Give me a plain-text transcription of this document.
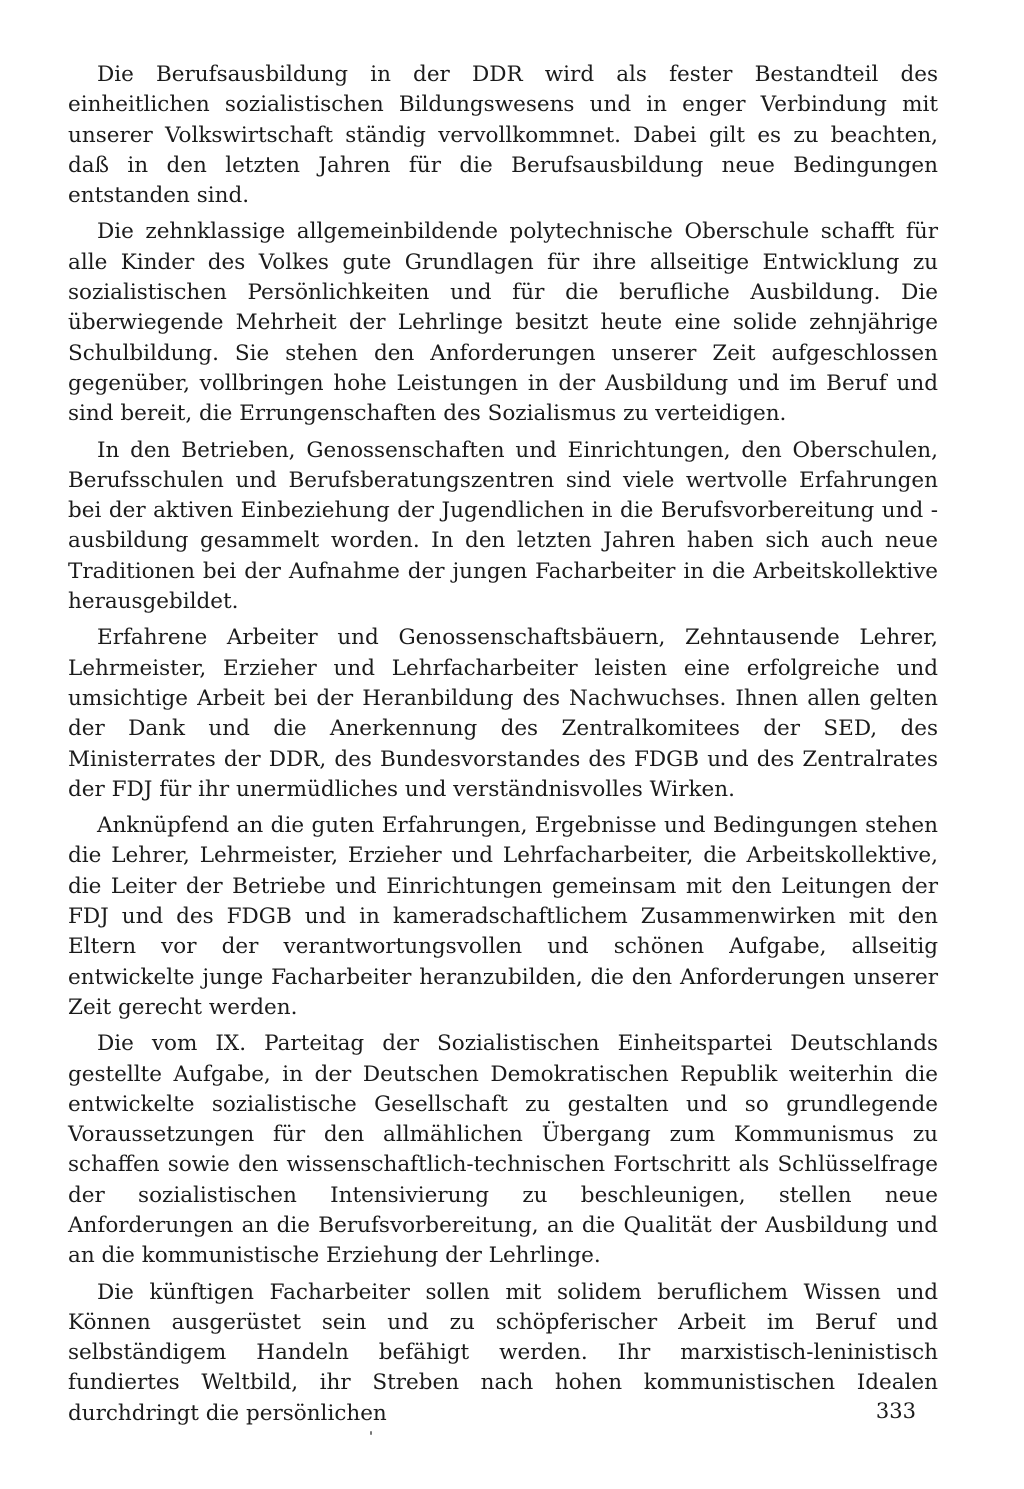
Die Berufsausbildung in der DDR wird als fester Bestandteil des einheitlichen sozialistischen Bildungswesens und in enger Verbindung mit unserer Volkswirtschaft ständig vervollkommnet. Dabei gilt es zu beachten, daß in den letzten Jahren für die Berufsausbildung neue Bedingungen entstanden sind.

Die zehnklassige allgemeinbildende polytechnische Oberschule schafft für alle Kinder des Volkes gute Grundlagen für ihre allseitige Entwicklung zu sozialistischen Persönlichkeiten und für die berufliche Ausbildung. Die überwiegende Mehrheit der Lehrlinge besitzt heute eine solide zehnjährige Schulbildung. Sie stehen den Anforderungen unserer Zeit aufgeschlossen gegenüber, vollbringen hohe Leistungen in der Ausbildung und im Beruf und sind bereit, die Errungenschaften des Sozialismus zu verteidigen.

In den Betrieben, Genossenschaften und Einrichtungen, den Oberschulen, Berufsschulen und Berufsberatungszentren sind viele wertvolle Erfahrungen bei der aktiven Einbeziehung der Jugendlichen in die Berufsvorbereitung und -ausbildung gesammelt worden. In den letzten Jahren haben sich auch neue Traditionen bei der Aufnahme der jungen Facharbeiter in die Arbeitskollektive herausgebildet.

Erfahrene Arbeiter und Genossenschaftsbäuern, Zehntausende Lehrer, Lehrmeister, Erzieher und Lehrfacharbeiter leisten eine erfolgreiche und umsichtige Arbeit bei der Heranbildung des Nachwuchses. Ihnen allen gelten der Dank und die Anerkennung des Zentralkomitees der SED, des Ministerrates der DDR, des Bundesvorstandes des FDGB und des Zentralrates der FDJ für ihr unermüdliches und verständnisvolles Wirken.

Anknüpfend an die guten Erfahrungen, Ergebnisse und Bedingungen stehen die Lehrer, Lehrmeister, Erzieher und Lehrfacharbeiter, die Arbeitskollektive, die Leiter der Betriebe und Einrichtungen gemeinsam mit den Leitungen der FDJ und des FDGB und in kameradschaftlichem Zusammenwirken mit den Eltern vor der verantwortungsvollen und schönen Aufgabe, allseitig entwickelte junge Facharbeiter heranzubilden, die den Anforderungen unserer Zeit gerecht werden.

Die vom IX. Parteitag der Sozialistischen Einheitspartei Deutschlands gestellte Aufgabe, in der Deutschen Demokratischen Republik weiterhin die entwickelte sozialistische Gesellschaft zu gestalten und so grundlegende Voraussetzungen für den allmählichen Übergang zum Kommunismus zu schaffen sowie den wissenschaftlich-technischen Fortschritt als Schlüsselfrage der sozialistischen Intensivierung zu beschleunigen, stellen neue Anforderungen an die Berufsvorbereitung, an die Qualität der Ausbildung und an die kommunistische Erziehung der Lehrlinge.

Die künftigen Facharbeiter sollen mit solidem beruflichem Wissen und Können ausgerüstet sein und zu schöpferischer Arbeit im Beruf und selbständigem Handeln befähigt werden. Ihr marxistisch-leninistisch fundiertes Weltbild, ihr Streben nach hohen kommunistischen Idealen durchdringt die persönlichen	333
